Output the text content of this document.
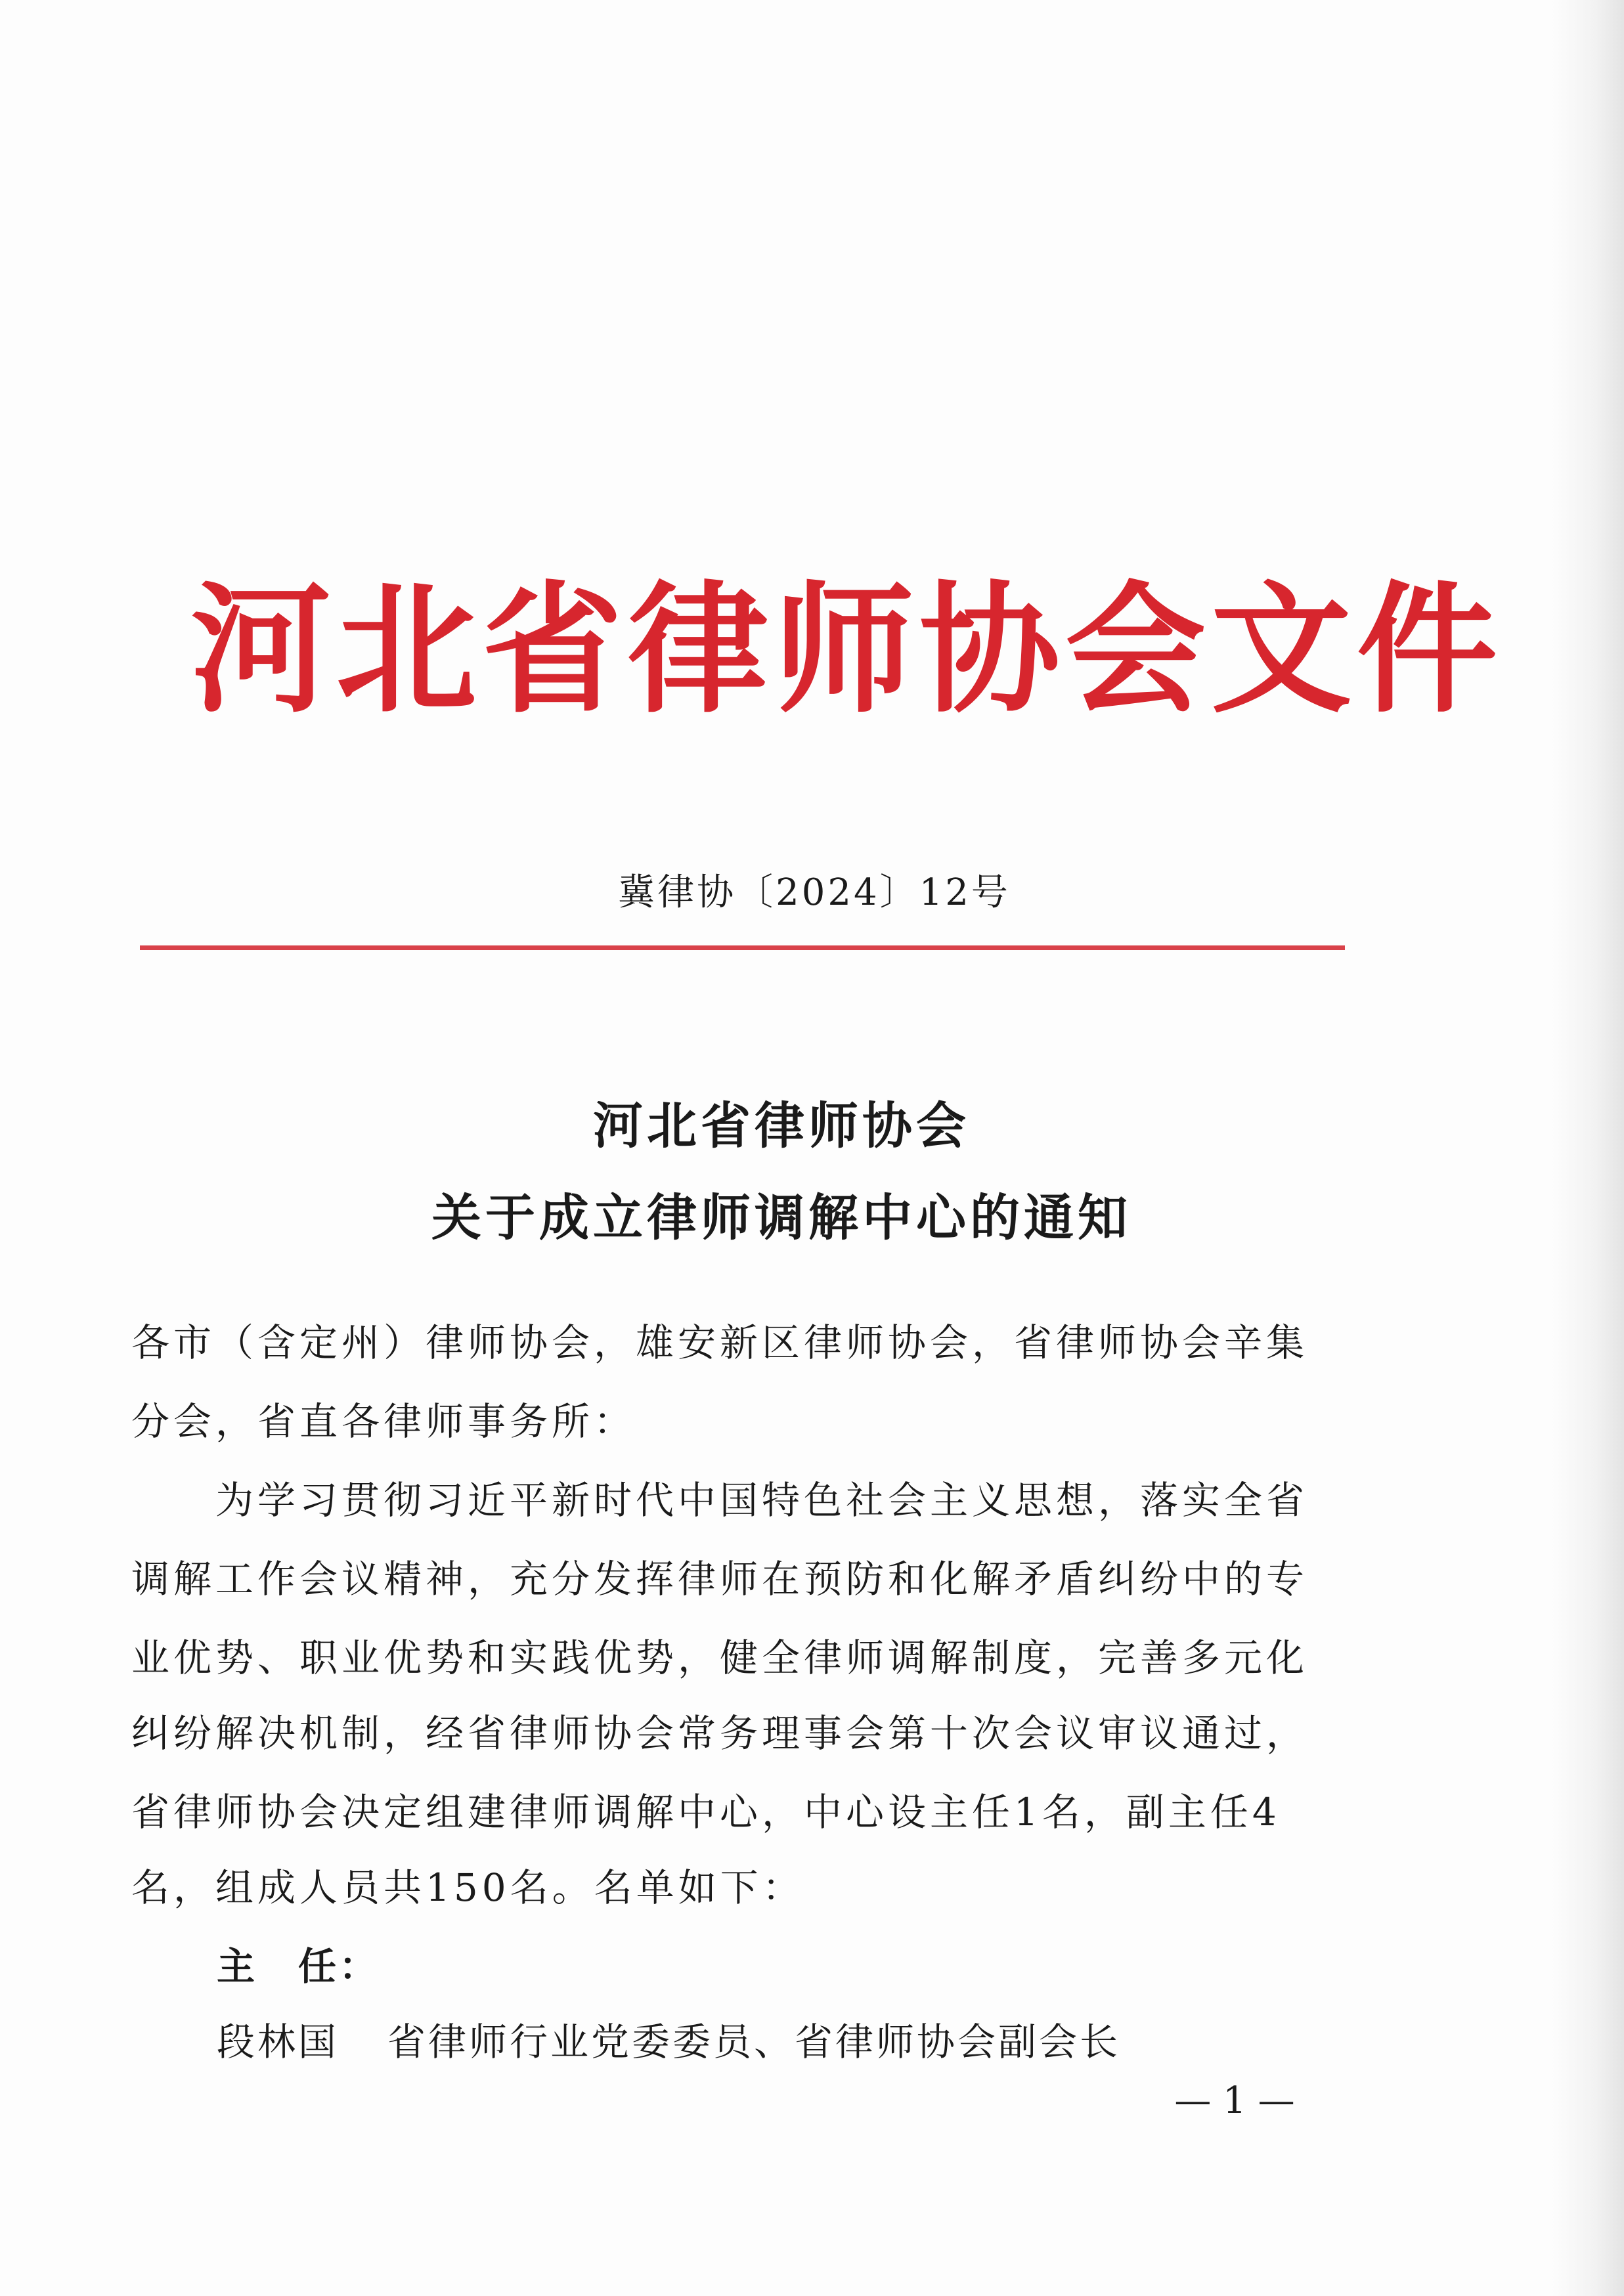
河北省律师协会文件
冀律协〔2024〕12号
河北省律师协会
关于成立律师调解中心的通知
各市（含定州）律师协会，雄安新区律师协会，省律师协会辛集
分会，省直各律师事务所：
　　为学习贯彻习近平新时代中国特色社会主义思想，落实全省
调解工作会议精神，充分发挥律师在预防和化解矛盾纠纷中的专
业优势、职业优势和实践优势，健全律师调解制度，完善多元化
纠纷解决机制，经省律师协会常务理事会第十次会议审议通过，
省律师协会决定组建律师调解中心，中心设主任1名，副主任4
名，组成人员共150名。名单如下：
主　任：
段林国 省律师行业党委委员、省律师协会副会长
— 1 —
